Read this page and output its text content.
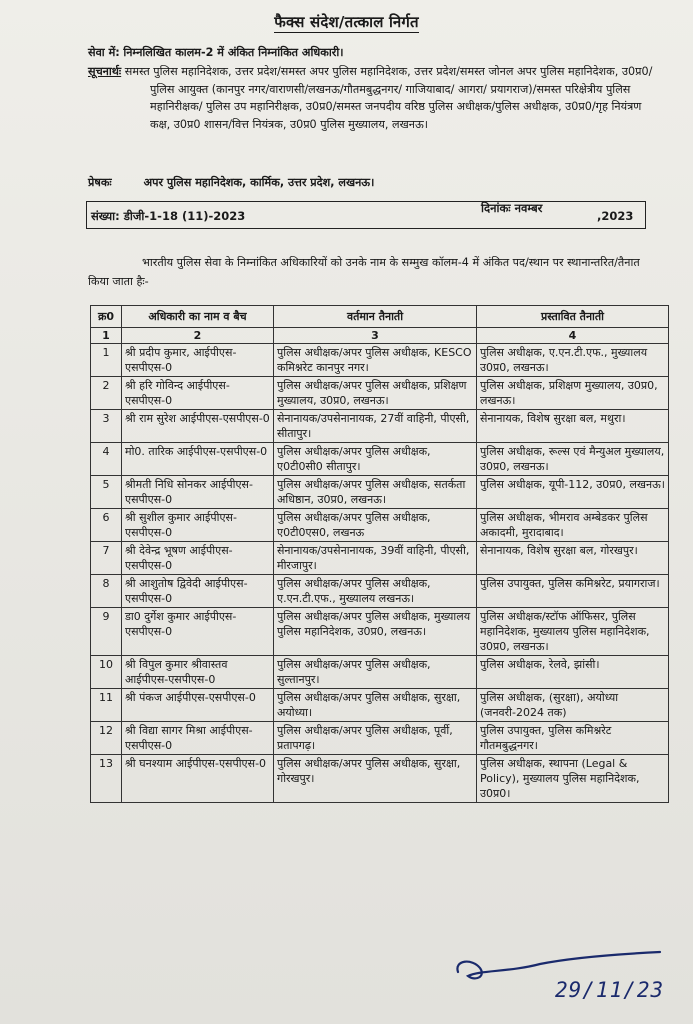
फैक्स संदेश/तत्काल निर्गत
सेवा में: निम्नलिखित कालम-2 में अंकित निम्नांकित अधिकारी।
सूचनार्थः समस्त पुलिस महानिदेशक, उत्तर प्रदेश/समस्त अपर पुलिस महानिदेशक, उत्तर प्रदेश/समस्त जोनल अपर पुलिस महानिदेशक, उ0प्र0/पुलिस आयुक्त (कानपुर नगर/वाराणसी/लखनऊ/गौतमबुद्धनगर/ गाजियाबाद/ आगरा/ प्रयागराज)/समस्त परिक्षेत्रीय पुलिस महानिरीक्षक/ पुलिस उप महानिरीक्षक, उ0प्र0/समस्त जनपदीय वरिष्ठ पुलिस अधीक्षक/पुलिस अधीक्षक, उ0प्र0/गृह नियंत्रण कक्ष, उ0प्र0 शासन/वित्त नियंत्रक, उ0प्र0 पुलिस मुख्यालय, लखनऊ।
प्रेषकः	अपर पुलिस महानिदेशक, कार्मिक, उत्तर प्रदेश, लखनऊ।
संख्या: डीजी-1-18 (11)-2023
दिनांकः नवम्बर
,2023
भारतीय पुलिस सेवा के निम्नांकित अधिकारियों को उनके नाम के सम्मुख कॉलम-4 में अंकित पद/स्थान पर स्थानान्तरित/तैनात किया जाता हैः-
क्र0	अधिकारी का नाम व बैच	वर्तमान तैनाती	प्रस्तावित तैनाती
1	2	3	4
1	श्री प्रदीप कुमार, आईपीएस-एसपीएस-0	पुलिस अधीक्षक/अपर पुलिस अधीक्षक, KESCO कमिश्नरेट कानपुर नगर।	पुलिस अधीक्षक, ए.एन.टी.एफ., मुख्यालय उ0प्र0, लखनऊ।
2	श्री हरि गोविन्द आईपीएस-एसपीएस-0	पुलिस अधीक्षक/अपर पुलिस अधीक्षक, प्रशिक्षण मुख्यालय, उ0प्र0, लखनऊ।	पुलिस अधीक्षक, प्रशिक्षण मुख्यालय, उ0प्र0, लखनऊ।
3	श्री राम सुरेश आईपीएस-एसपीएस-0	सेनानायक/उपसेनानायक, 27वीं वाहिनी, पीएसी, सीतापुर।	सेनानायक, विशेष सुरक्षा बल, मथुरा।
4	मो0. तारिक आईपीएस-एसपीएस-0	पुलिस अधीक्षक/अपर पुलिस अधीक्षक, ए0टी0सी0 सीतापुर।	पुलिस अधीक्षक, रूल्स एवं मैन्युअल मुख्यालय, उ0प्र0, लखनऊ।
5	श्रीमती निधि सोनकर आईपीएस-एसपीएस-0	पुलिस अधीक्षक/अपर पुलिस अधीक्षक, सतर्कता अधिष्ठान, उ0प्र0, लखनऊ।	पुलिस अधीक्षक, यूपी-112, उ0प्र0, लखनऊ।
6	श्री सुशील कुमार आईपीएस-एसपीएस-0	पुलिस अधीक्षक/अपर पुलिस अधीक्षक, ए0टी0एस0, लखनऊ	पुलिस अधीक्षक, भीमराव अम्बेडकर पुलिस अकादमी, मुरादाबाद।
7	श्री देवेन्द्र भूषण आईपीएस-एसपीएस-0	सेनानायक/उपसेनानायक, 39वीं वाहिनी, पीएसी, मीरजापुर।	सेनानायक, विशेष सुरक्षा बल, गोरखपुर।
8	श्री आशुतोष द्विवेदी आईपीएस-एसपीएस-0	पुलिस अधीक्षक/अपर पुलिस अधीक्षक, ए.एन.टी.एफ., मुख्यालय लखनऊ।	पुलिस उपायुक्त, पुलिस कमिश्नरेट, प्रयागराज।
9	डा0 दुर्गेश कुमार आईपीएस-एसपीएस-0	पुलिस अधीक्षक/अपर पुलिस अधीक्षक, मुख्यालय पुलिस महानिदेशक, उ0प्र0, लखनऊ।	पुलिस अधीक्षक/स्टॉफ ऑफिसर, पुलिस महानिदेशक, मुख्यालय पुलिस महानिदेशक, उ0प्र0, लखनऊ।
10	श्री विपुल कुमार श्रीवास्तव आईपीएस-एसपीएस-0	पुलिस अधीक्षक/अपर पुलिस अधीक्षक, सुल्तानपुर।	पुलिस अधीक्षक, रेलवे, झांसी।
11	श्री पंकज आईपीएस-एसपीएस-0	पुलिस अधीक्षक/अपर पुलिस अधीक्षक, सुरक्षा, अयोध्या।	पुलिस अधीक्षक, (सुरक्षा), अयोध्या (जनवरी-2024 तक)
12	श्री विद्या सागर मिश्रा आईपीएस-एसपीएस-0	पुलिस अधीक्षक/अपर पुलिस अधीक्षक, पूर्वी, प्रतापगढ़।	पुलिस उपायुक्त, पुलिस कमिश्नरेट गौतमबुद्धनगर।
13	श्री घनश्याम आईपीएस-एसपीएस-0	पुलिस अधीक्षक/अपर पुलिस अधीक्षक, सुरक्षा, गोरखपुर।	पुलिस अधीक्षक, स्थापना (Legal & Policy), मुख्यालय पुलिस महानिदेशक, उ0प्र0।
29/11/23
